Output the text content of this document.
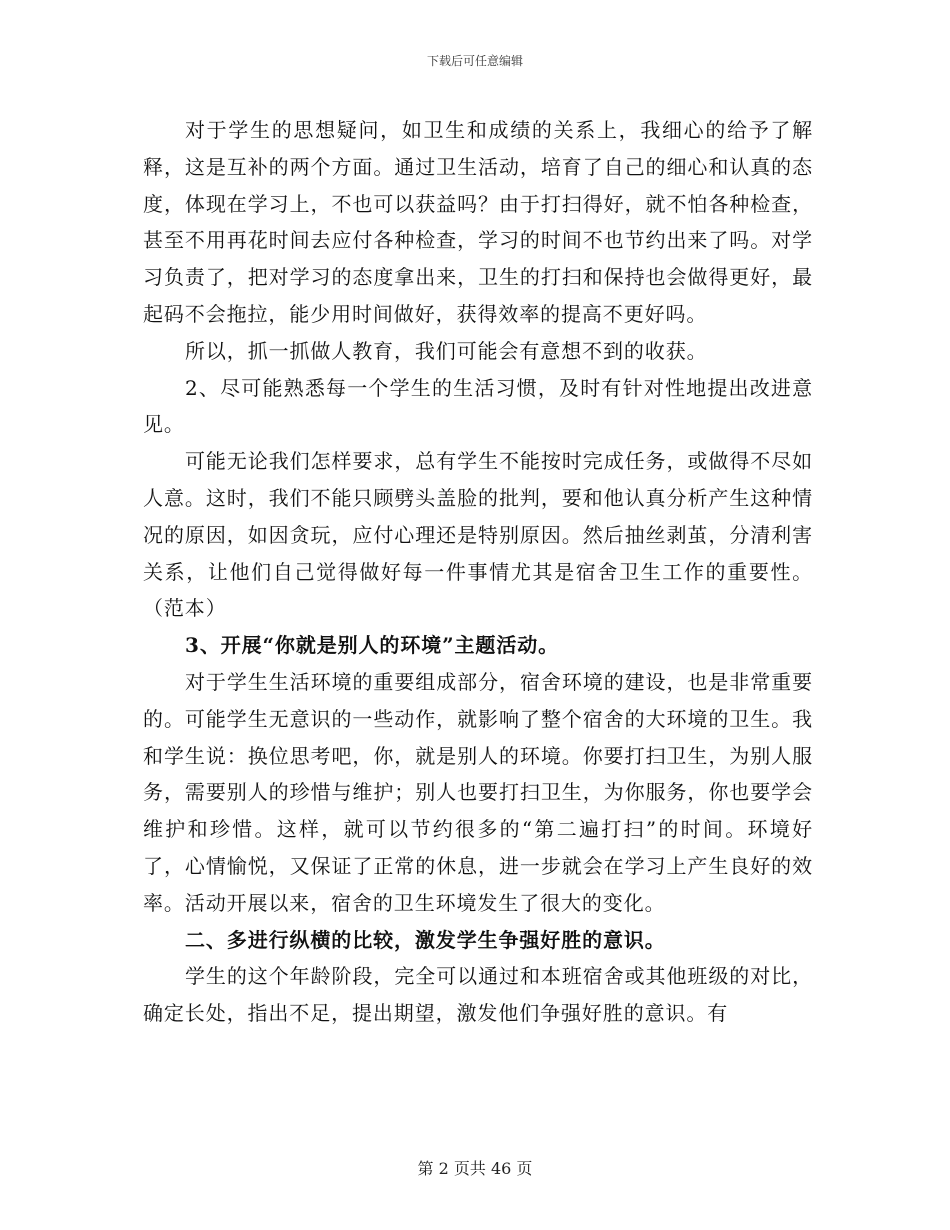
下载后可任意编辑

对于学生的思想疑问，如卫生和成绩的关系上，我细心的给予了解释，这是互补的两个方面。通过卫生活动，培育了自己的细心和认真的态度，体现在学习上，不也可以获益吗？由于打扫得好，就不怕各种检查，甚至不用再花时间去应付各种检查，学习的时间不也节约出来了吗。对学习负责了，把对学习的态度拿出来，卫生的打扫和保持也会做得更好，最起码不会拖拉，能少用时间做好，获得效率的提高不更好吗。

所以，抓一抓做人教育，我们可能会有意想不到的收获。

2、尽可能熟悉每一个学生的生活习惯，及时有针对性地提出改进意见。

可能无论我们怎样要求，总有学生不能按时完成任务，或做得不尽如人意。这时，我们不能只顾劈头盖脸的批判，要和他认真分析产生这种情况的原因，如因贪玩，应付心理还是特别原因。然后抽丝剥茧，分清利害关系，让他们自己觉得做好每一件事情尤其是宿舍卫生工作的重要性。（范本）

3、开展“你就是别人的环境”主题活动。

对于学生生活环境的重要组成部分，宿舍环境的建设，也是非常重要的。可能学生无意识的一些动作，就影响了整个宿舍的大环境的卫生。我和学生说：换位思考吧，你，就是别人的环境。你要打扫卫生，为别人服务，需要别人的珍惜与维护；别人也要打扫卫生，为你服务，你也要学会维护和珍惜。这样，就可以节约很多的“第二遍打扫”的时间。环境好了，心情愉悦，又保证了正常的休息，进一步就会在学习上产生良好的效率。活动开展以来，宿舍的卫生环境发生了很大的变化。

二、多进行纵横的比较，激发学生争强好胜的意识。

学生的这个年龄阶段，完全可以通过和本班宿舍或其他班级的对比，确定长处，指出不足，提出期望，激发他们争强好胜的意识。有

第 2 页共 46 页
